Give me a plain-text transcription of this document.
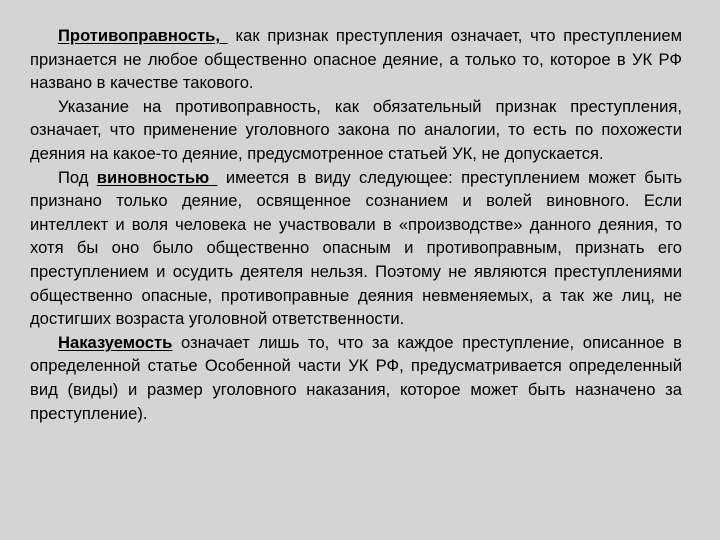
Противоправность,  как признак преступления означает, что преступлением признается не любое общественно опасное деяние, а только то, которое в УК РФ названо в качестве такового.

Указание на противоправность, как обязательный признак преступления, означает, что применение уголовного закона по аналогии, то есть по похожести деяния на какое-то деяние, предусмотренное статьей УК, не допускается.

Под виновностью  имеется в виду следующее: преступлением может быть признано только деяние, освященное сознанием и волей виновного. Если интеллект и воля человека не участвовали в «производстве» данного деяния, то хотя бы оно было общественно опасным и противоправным, признать его преступлением и осудить деятеля нельзя. Поэтому не являются преступлениями общественно опасные, противоправные деяния невменяемых, а так же лиц, не достигших возраста уголовной ответственности.

Наказуемость означает лишь то, что за каждое преступление, описанное в определенной статье Особенной части УК РФ, предусматривается определенный вид (виды) и размер уголовного наказания, которое может быть назначено за преступление).
